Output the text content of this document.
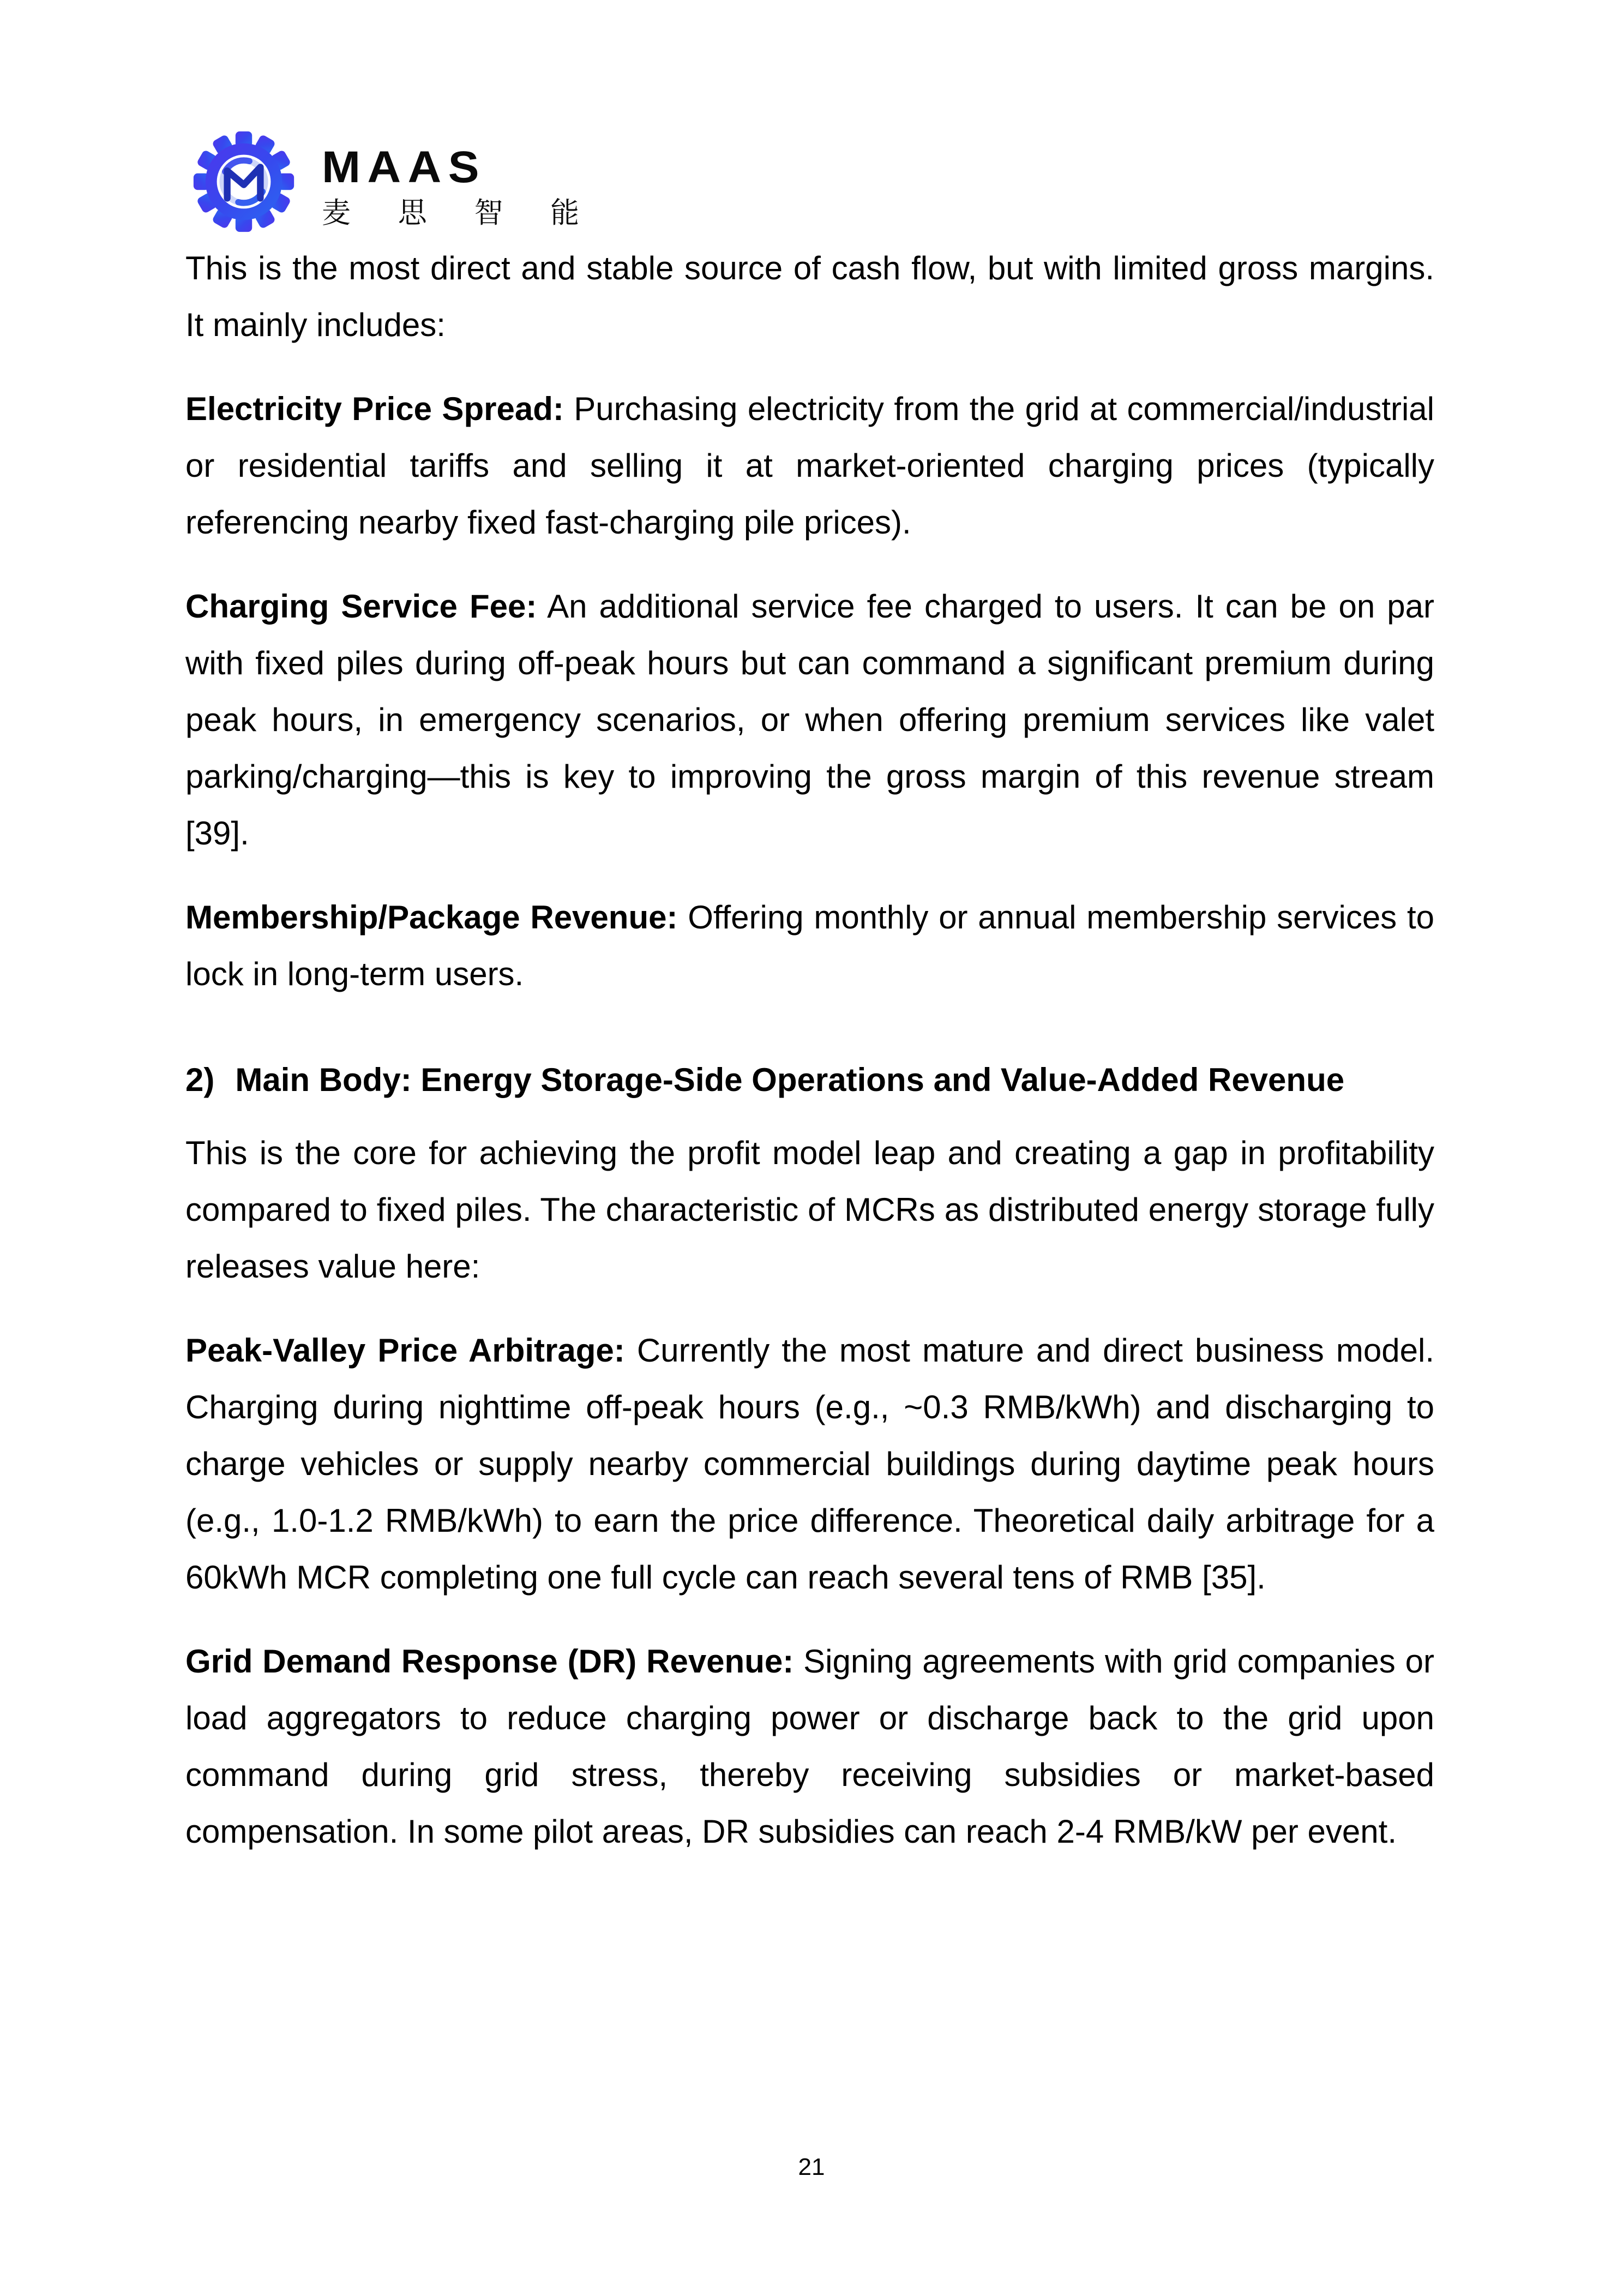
MAAS
麦 思 智 能

This is the most direct and stable source of cash flow, but with limited gross margins. It mainly includes:

Electricity Price Spread: Purchasing electricity from the grid at commercial/industrial or residential tariffs and selling it at market-oriented charging prices (typically referencing nearby fixed fast-charging pile prices).

Charging Service Fee: An additional service fee charged to users. It can be on par with fixed piles during off-peak hours but can command a significant premium during peak hours, in emergency scenarios, or when offering premium services like valet parking/charging—this is key to improving the gross margin of this revenue stream [39].

Membership/Package Revenue: Offering monthly or annual membership services to lock in long-term users.

2) Main Body: Energy Storage-Side Operations and Value-Added Revenue

This is the core for achieving the profit model leap and creating a gap in profitability compared to fixed piles. The characteristic of MCRs as distributed energy storage fully releases value here:

Peak-Valley Price Arbitrage: Currently the most mature and direct business model. Charging during nighttime off-peak hours (e.g., ~0.3 RMB/kWh) and discharging to charge vehicles or supply nearby commercial buildings during daytime peak hours (e.g., 1.0-1.2 RMB/kWh) to earn the price difference. Theoretical daily arbitrage for a 60kWh MCR completing one full cycle can reach several tens of RMB [35].

Grid Demand Response (DR) Revenue: Signing agreements with grid companies or load aggregators to reduce charging power or discharge back to the grid upon command during grid stress, thereby receiving subsidies or market-based compensation. In some pilot areas, DR subsidies can reach 2-4 RMB/kW per event.

21
